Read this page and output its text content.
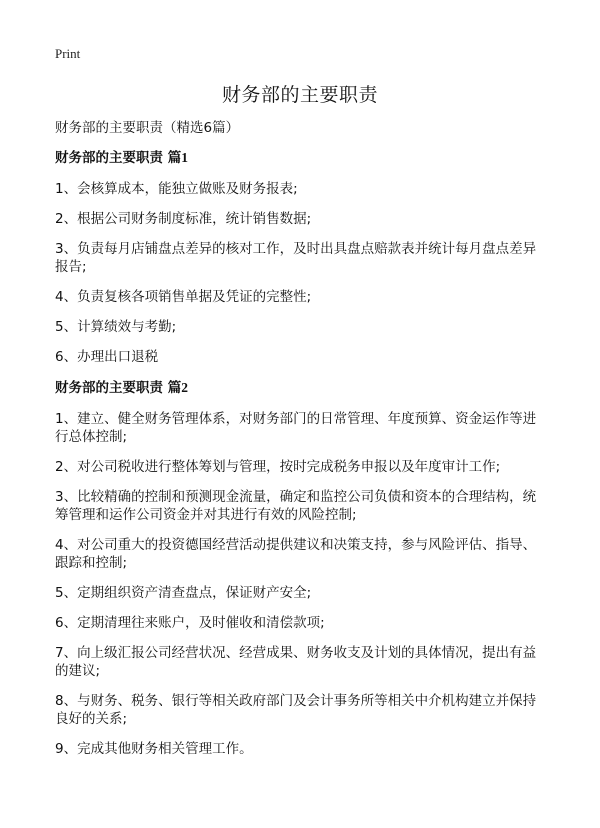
Print
财务部的主要职责
财务部的主要职责（精选6篇）
财务部的主要职责 篇1
1、会核算成本，能独立做账及财务报表;
2、根据公司财务制度标准，统计销售数据;
3、负责每月店铺盘点差异的核对工作，及时出具盘点赔款表并统计每月盘点差异报告;
4、负责复核各项销售单据及凭证的完整性;
5、计算绩效与考勤;
6、办理出口退税
财务部的主要职责 篇2
1、建立、健全财务管理体系，对财务部门的日常管理、年度预算、资金运作等进行总体控制;
2、对公司税收进行整体筹划与管理，按时完成税务申报以及年度审计工作;
3、比较精确的控制和预测现金流量，确定和监控公司负债和资本的合理结构，统筹管理和运作公司资金并对其进行有效的风险控制;
4、对公司重大的投资德国经营活动提供建议和决策支持，参与风险评估、指导、跟踪和控制;
5、定期组织资产清查盘点，保证财产安全;
6、定期清理往来账户，及时催收和清偿款项;
7、向上级汇报公司经营状况、经营成果、财务收支及计划的具体情况，提出有益的建议;
8、与财务、税务、银行等相关政府部门及会计事务所等相关中介机构建立并保持良好的关系;
9、完成其他财务相关管理工作。
